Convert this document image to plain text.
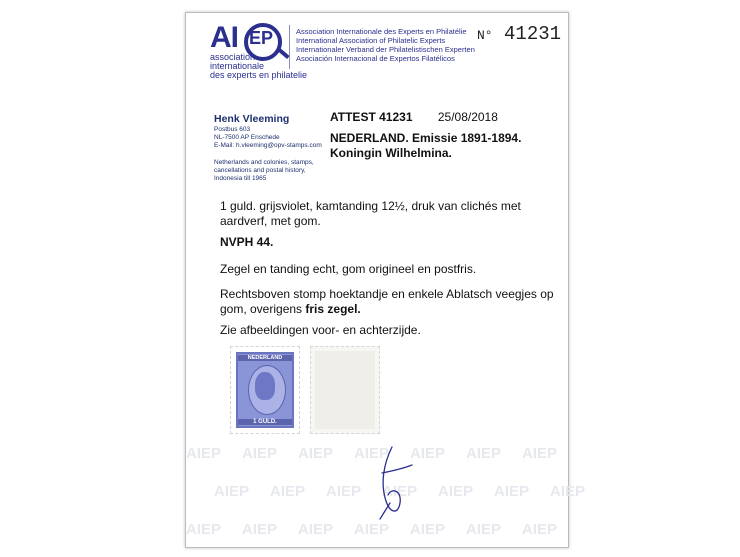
AIEP AIEP AIEP AIEP AIEP AIEP AIEP
AIEP AIEP AIEP AIEP AIEP AIEP AIEP
AIEP AIEP AIEP AIEP AIEP AIEP AIEP
AI EP
association
internationale
des experts en philatelie
Association Internationale des Experts en Philatélie
International Association of Philatelic Experts
Internationaler Verband der Philatelistischen Experten
Asociación Internacional de Expertos Filatélicos
N° 41231
Henk Vleeming
Postbus 603
NL-7500 AP Enschede
E-Mail: h.vleeming@opv-stamps.com
Netherlands and colonies, stamps,
cancellations and postal history,
Indonesia till 1965
ATTEST 41231 25/08/2018
NEDERLAND. Emissie 1891-1894.
Koningin Wilhelmina.
1 guld. grijsviolet, kamtanding 12½, druk van clichés met aardverf, met gom.
NVPH 44.
Zegel en tanding echt, gom origineel en postfris.
Rechtsboven stomp hoektandje en enkele Ablatsch veegjes op gom, overigens fris zegel.
Zie afbeeldingen voor- en achterzijde.
NEDERLAND
1 GULD.
